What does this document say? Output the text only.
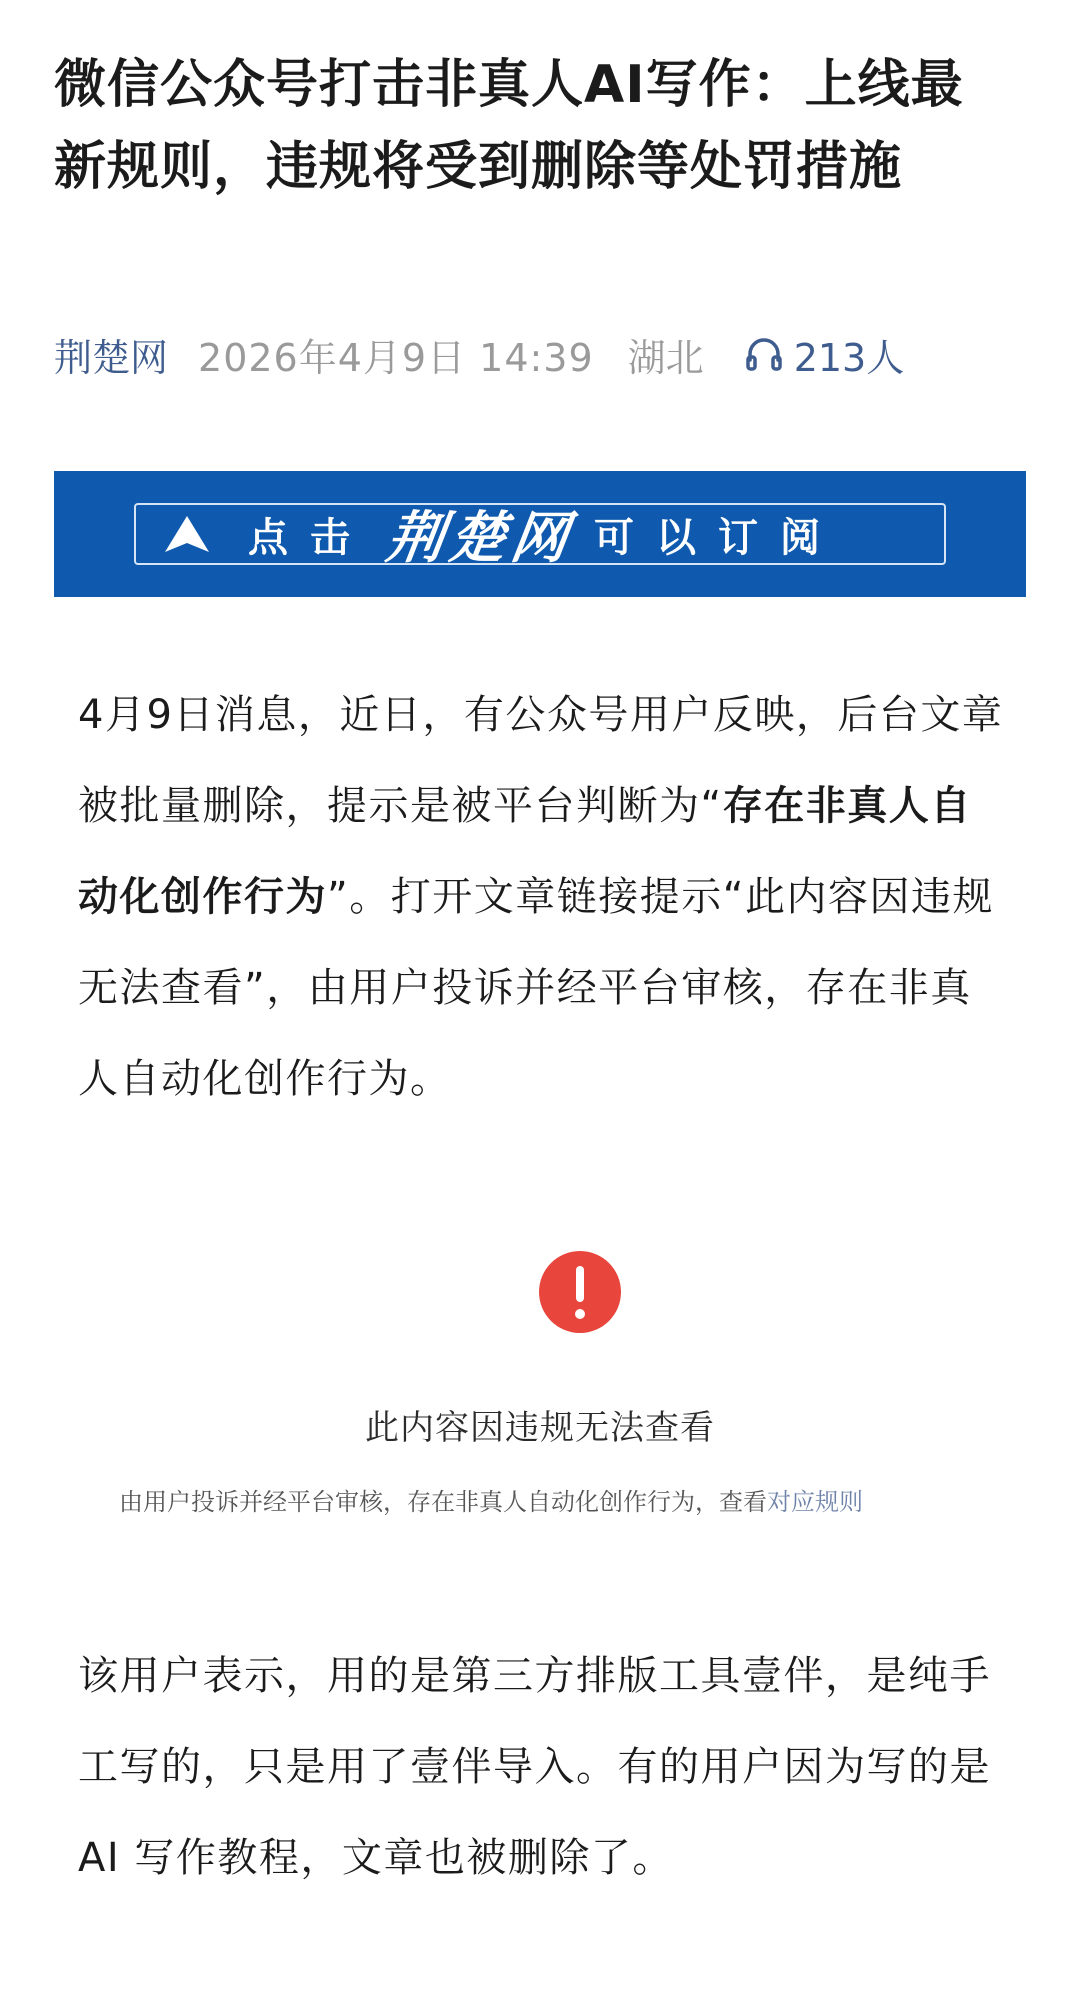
微信公众号打击非真人AI写作：上线最新规则，违规将受到删除等处罚措施
荆楚网 2026年4月9日 14:39 湖北 213人
点击 荆楚网 可以订阅

4月9日消息，近日，有公众号用户反映，后台文章被批量删除，提示是被平台判断为“存在非真人自动化创作行为”。打开文章链接提示“此内容因违规无法查看”，由用户投诉并经平台审核，存在非真人自动化创作行为。

此内容因违规无法查看
由用户投诉并经平台审核，存在非真人自动化创作行为，查看对应规则

该用户表示，用的是第三方排版工具壹伴，是纯手工写的，只是用了壹伴导入。有的用户因为写的是 AI 写作教程，文章也被删除了。
